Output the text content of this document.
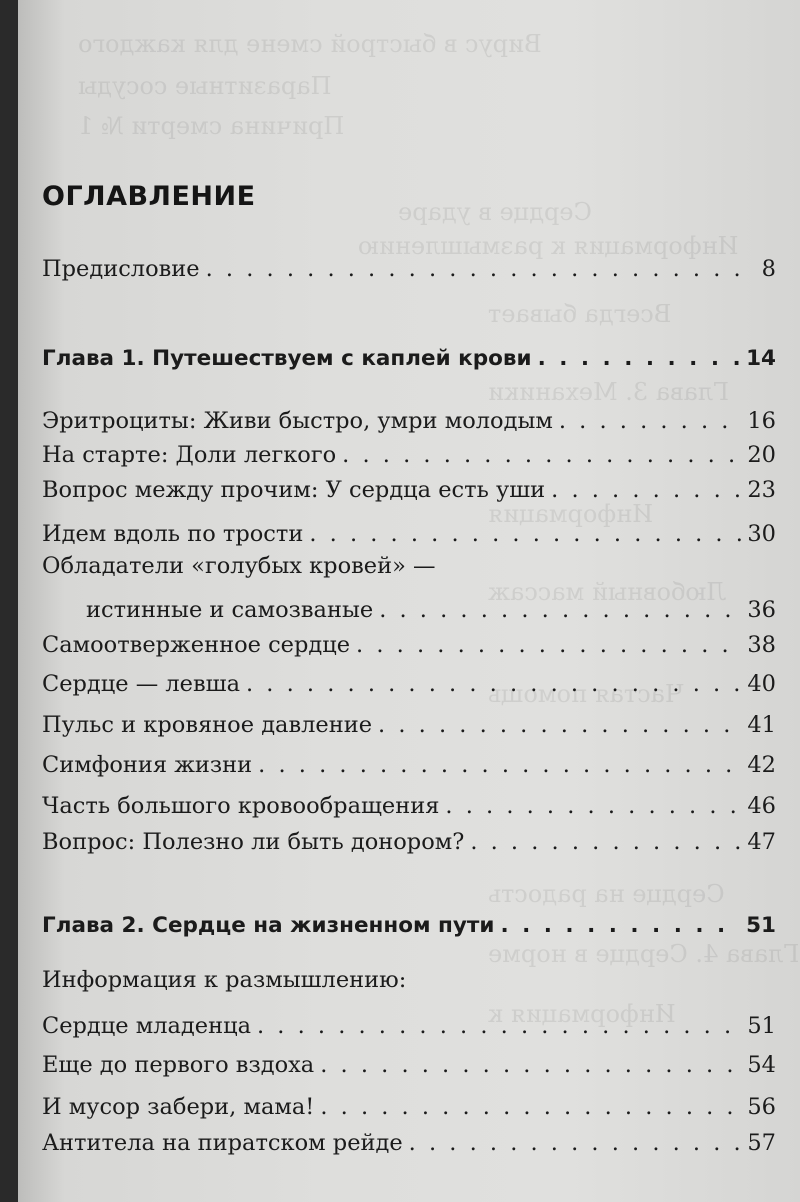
Вирус в быстрой смене для каждого
Паразитные сосуды
Причина смерти № 1
Сердце в ударе
Информация к размышлению
Всегда бывает
Глава 3. Механики
Информация
Любовный массаж
Частая помощь
Сердце на радость
Глава 4. Сердце в норме
Информация к
ОГЛАВЛЕНИЕ
Предисловие . . .	8
Глава 1. Путешествуем с каплей крови . . .	14
Эритроциты: Живи быстро, умри молодым . . .	16
На старте: Доли легкого . . .	20
Вопрос между прочим: У сердца есть уши . . .	23
Идем вдоль по трости . . .	30
Обладатели «голубых кровей» —
истинные и самозваные . . .	36
Самоотверженное сердце . . .	38
Сердце — левша . . .	40
Пульс и кровяное давление . . .	41
Симфония жизни . . .	42
Часть большого кровообращения . . .	46
Вопрос: Полезно ли быть донором? . . .	47
Глава 2. Сердце на жизненном пути . . .	51
Информация к размышлению:
Сердце младенца . . .	51
Еще до первого вздоха . . .	54
И мусор забери, мама! . . .	56
Антитела на пиратском рейде . . .	57
